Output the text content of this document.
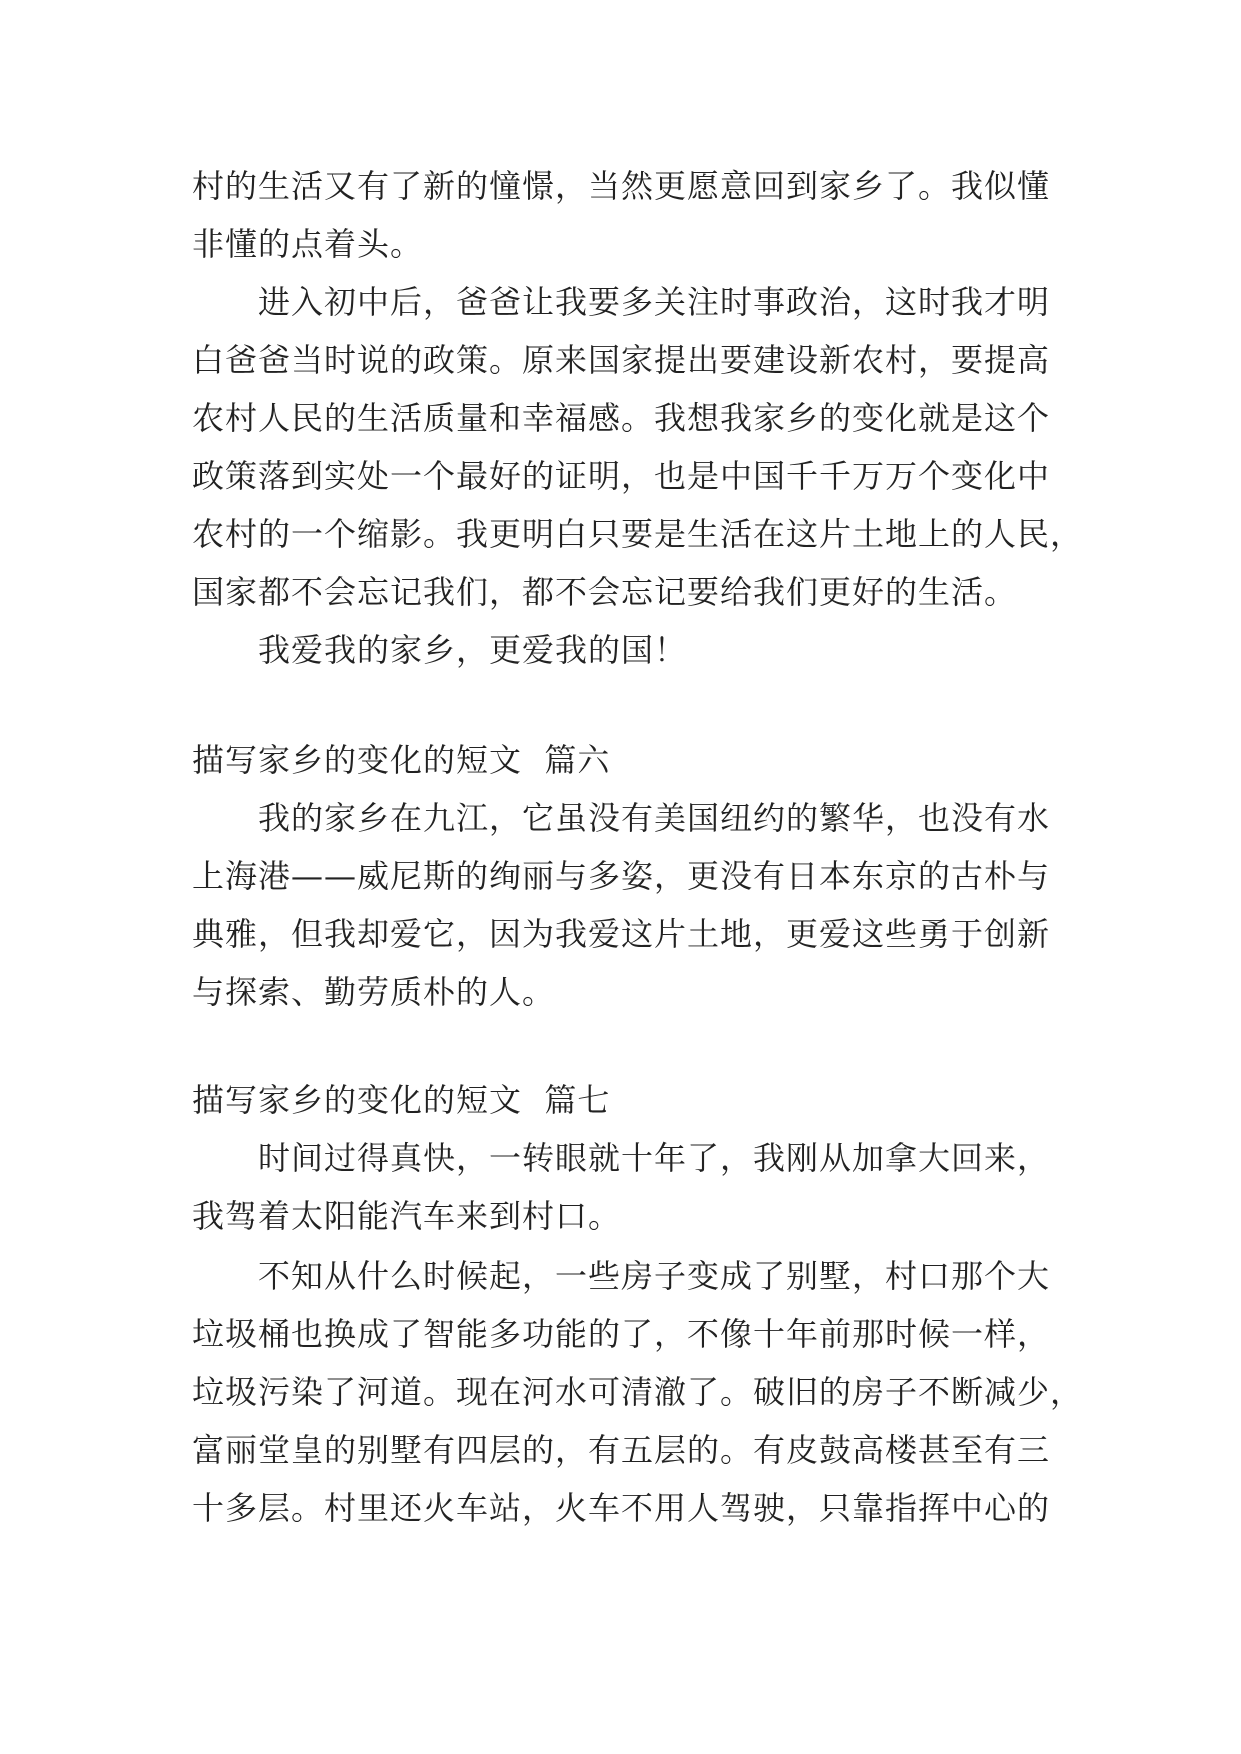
村的生活又有了新的憧憬，当然更愿意回到家乡了。我似懂
非懂的点着头。
进入初中后，爸爸让我要多关注时事政治，这时我才明
白爸爸当时说的政策。原来国家提出要建设新农村，要提高
农村人民的生活质量和幸福感。我想我家乡的变化就是这个
政策落到实处一个最好的证明，也是中国千千万万个变化中
农村的一个缩影。我更明白只要是生活在这片土地上的人民，
国家都不会忘记我们，都不会忘记要给我们更好的生活。
我爱我的家乡，更爱我的国！
描写家乡的变化的短文  篇六
我的家乡在九江，它虽没有美国纽约的繁华，也没有水
上海港——威尼斯的绚丽与多姿，更没有日本东京的古朴与
典雅，但我却爱它，因为我爱这片土地，更爱这些勇于创新
与探索、勤劳质朴的人。
描写家乡的变化的短文  篇七
时间过得真快，一转眼就十年了，我刚从加拿大回来，
我驾着太阳能汽车来到村口。
不知从什么时候起，一些房子变成了别墅，村口那个大
垃圾桶也换成了智能多功能的了，不像十年前那时候一样，
垃圾污染了河道。现在河水可清澈了。破旧的房子不断减少，
富丽堂皇的别墅有四层的，有五层的。有皮鼓高楼甚至有三
十多层。村里还火车站，火车不用人驾驶，只靠指挥中心的
